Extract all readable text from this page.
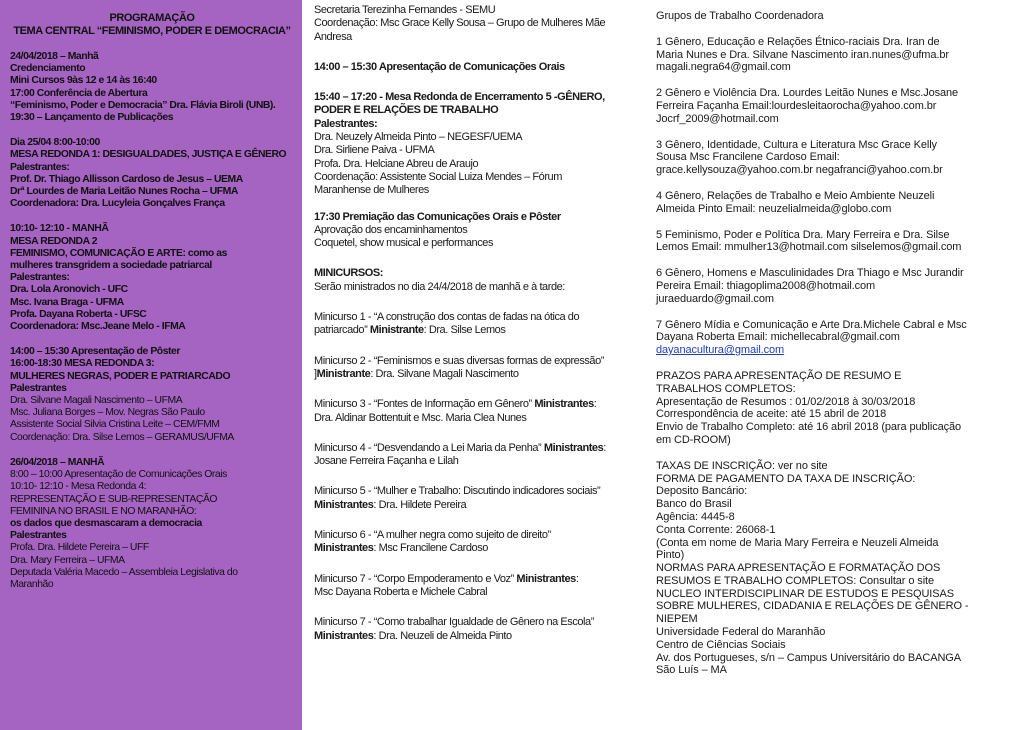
PROGRAMAÇÃO
TEMA CENTRAL “FEMINISMO, PODER E DEMOCRACIA”
24/04/2018 – Manhã
Credenciamento
Mini Cursos 9às 12 e 14 às 16:40
17:00 Conferência de Abertura
“Feminismo, Poder e Democracia” Dra. Flávia Biroli (UNB).
19:30 – Lançamento de Publicações
Dia 25/04 8:00-10:00
MESA REDONDA 1: DESIGUALDADES, JUSTIÇA E GÊNERO
Palestrantes:
Prof. Dr. Thiago Allisson Cardoso de Jesus – UEMA
Drª Lourdes de Maria Leitão Nunes Rocha – UFMA
Coordenadora: Dra. Lucyleia Gonçalves França
10:10- 12:10 - MANHÃ
MESA REDONDA 2
FEMINISMO, COMUNICAÇÃO E ARTE: como as
mulheres transgridem a sociedade patriarcal
Palestrantes:
Dra. Lola Aronovich - UFC
Msc. Ivana Braga - UFMA
Profa. Dayana Roberta - UFSC
Coordenadora: Msc.Jeane Melo - IFMA
14:00 – 15:30 Apresentação de Pôster
16:00-18:30 MESA REDONDA 3:
MULHERES NEGRAS, PODER E PATRIARCADO
Palestrantes
Dra. Silvane Magali Nascimento – UFMA
Msc. Juliana Borges – Mov. Negras São Paulo
Assistente Social Silvia Cristina Leite – CEM/FMM
Coordenação: Dra. Silse Lemos – GERAMUS/UFMA
26/04/2018 – MANHÃ
8:00 – 10:00 Apresentação de Comunicações Orais
10:10- 12:10 - Mesa Redonda 4:
REPRESENTAÇÃO E SUB-REPRESENTAÇÃO
FEMININA NO BRASIL E NO MARANHÃO:
os dados que desmascaram a democracia
Palestrantes
Profa. Dra. Hildete Pereira – UFF
Dra. Mary Ferreira – UFMA
Deputada Valéria Macedo – Assembleia Legislativa do
Maranhão
Secretaria Terezinha Fernandes - SEMU
Coordenação: Msc Grace Kelly Sousa – Grupo de Mulheres Mãe
Andresa
14:00 – 15:30 Apresentação de Comunicações Orais
15:40 – 17:20 - Mesa Redonda de Encerramento 5 -GÊNERO,
PODER E RELAÇÕES DE TRABALHO
Palestrantes:
Dra. Neuzely Almeida Pinto – NEGESF/UEMA
Dra. Sirliene Paiva - UFMA
Profa. Dra. Helciane Abreu de Araujo
Coordenação: Assistente Social Luiza Mendes – Fórum
Maranhense de Mulheres
17:30 Premiação das Comunicações Orais e Pôster
Aprovação dos encaminhamentos
Coquetel, show musical e performances
MINICURSOS:
Serão ministrados no dia 24/4/2018 de manhã e à tarde:
Minicurso 1 - “A construção dos contas de fadas na ótica do
patriarcado” Ministrante: Dra. Silse Lemos
Minicurso 2 - “Feminismos e suas diversas formas de expressão”
]Ministrante: Dra. Silvane Magali Nascimento
Minicurso 3 - “Fontes de Informação em Gênero” Ministrantes:
Dra. Aldinar Bottentuit e Msc. Maria Clea Nunes
Minicurso 4 - “Desvendando a Lei Maria da Penha” Ministrantes:
Josane Ferreira Façanha e Lilah
Minicurso 5 - “Mulher e Trabalho: Discutindo indicadores sociais”
Ministrantes: Dra. Hildete Pereira
Minicurso 6 - “A mulher negra como sujeito de direito”
Ministrantes: Msc Francilene Cardoso
Minicurso 7 - “Corpo Empoderamento e Voz” Ministrantes:
Msc Dayana Roberta e Michele Cabral
Minicurso 7 - “Como trabalhar Igualdade de Gênero na Escola”
Ministrantes: Dra. Neuzeli de Almeida Pinto
Grupos de Trabalho Coordenadora
1 Gênero, Educação e Relações Étnico-raciais Dra. Iran de
Maria Nunes e Dra. Silvane Nascimento iran.nunes@ufma.br
magali.negra64@gmail.com
2 Gênero e Violência Dra. Lourdes Leitão Nunes e Msc.Josane
Ferreira Façanha Email:lourdesleitaorocha@yahoo.com.br
Jocrf_2009@hotmail.com
3 Gênero, Identidade, Cultura e Literatura Msc Grace Kelly
Sousa Msc Francilene Cardoso Email:
grace.kellysouza@yahoo.com.br negafranci@yahoo.com.br
4 Gênero, Relações de Trabalho e Meio Ambiente Neuzeli
Almeida Pinto Email: neuzelialmeida@globo.com
5 Feminismo, Poder e Política Dra. Mary Ferreira e Dra. Silse
Lemos Email: mmulher13@hotmail.com silselemos@gmail.com
6 Gênero, Homens e Masculinidades Dra Thiago e Msc Jurandir
Pereira Email: thiagoplima2008@hotmail.com
juraeduardo@gmail.com
7 Gênero Mídia e Comunicação e Arte Dra.Michele Cabral e Msc
Dayana Roberta Email: michellecabral@gmail.com
dayanacultura@gmail.com
PRAZOS PARA APRESENTAÇÃO DE RESUMO E
TRABALHOS COMPLETOS:
Apresentação de Resumos : 01/02/2018 à 30/03/2018
Correspondência de aceite: até 15 abril de 2018
Envio de Trabalho Completo: até 16 abril 2018 (para publicação
em CD-ROOM)
TAXAS DE INSCRIÇÃO: ver no site
FORMA DE PAGAMENTO DA TAXA DE INSCRIÇÃO:
Deposito Bancário:
Banco do Brasil
Agência: 4445-8
Conta Corrente: 26068-1
(Conta em nome de Maria Mary Ferreira e Neuzeli Almeida
Pinto)
NORMAS PARA APRESENTAÇÃO E FORMATAÇÃO DOS
RESUMOS E TRABALHO COMPLETOS: Consultar o site
NUCLEO INTERDISCIPLINAR DE ESTUDOS E PESQUISAS
SOBRE MULHERES, CIDADANIA E RELAÇÕES DE GÊNERO -
NIEPEM
Universidade Federal do Maranhão
Centro de Ciências Sociais
Av. dos Portugueses, s/n – Campus Universitário do BACANGA
São Luís – MA
